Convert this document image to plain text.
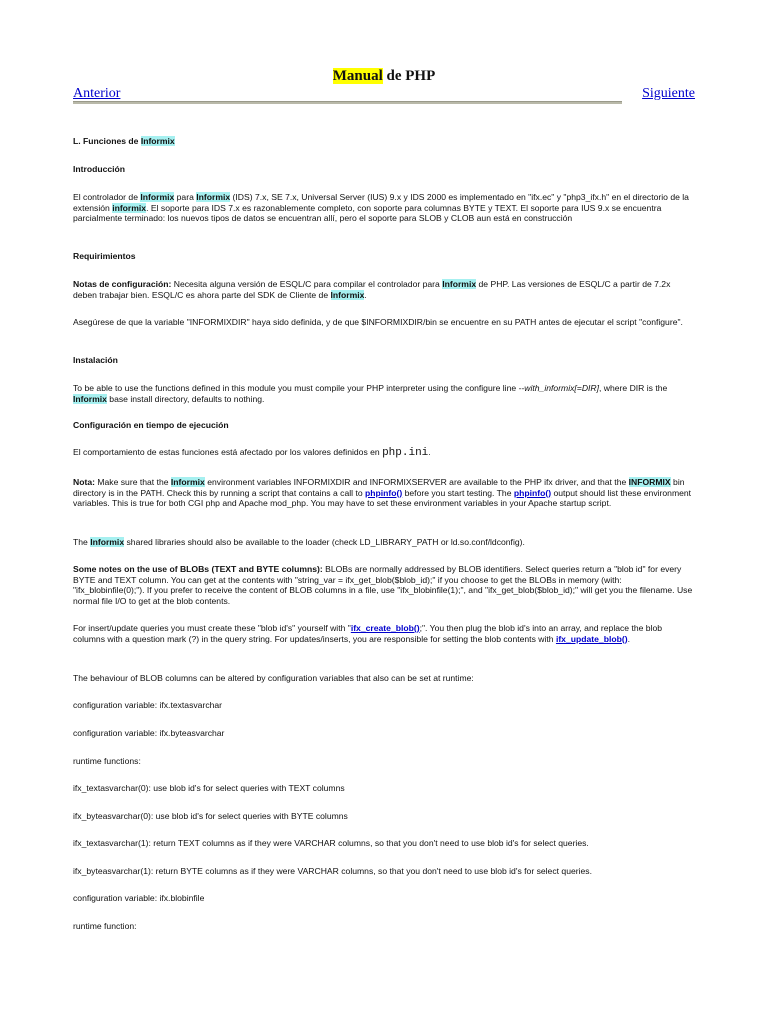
Manual de PHP
Anterior	Siguiente

L. Funciones de Informix

Introducción

El controlador de Informix para Informix (IDS) 7.x, SE 7.x, Universal Server (IUS) 9.x y IDS 2000 es implementado en "ifx.ec" y "php3_ifx.h" en el directorio de la extensión informix. El soporte para IDS 7.x es razonablemente completo, con soporte para columnas BYTE y TEXT. El soporte para IUS 9.x se encuentra parcialmente terminado: los nuevos tipos de datos se encuentran allí, pero el soporte para SLOB y CLOB aun está en construcción

Requirimientos

Notas de configuración: Necesita alguna versión de ESQL/C para compilar el controlador para Informix de PHP. Las versiones de ESQL/C a partir de 7.2x deben trabajar bien. ESQL/C es ahora parte del SDK de Cliente de Informix.

Asegúrese de que la variable "INFORMIXDIR" haya sido definida, y de que $INFORMIXDIR/bin se encuentre en su PATH antes de ejecutar el script "configure".

Instalación

To be able to use the functions defined in this module you must compile your PHP interpreter using the configure line --with_informix[=DIR], where DIR is the Informix base install directory, defaults to nothing.

Configuración en tiempo de ejecución

El comportamiento de estas funciones está afectado por los valores definidos en php.ini.

Nota: Make sure that the Informix environment variables INFORMIXDIR and INFORMIXSERVER are available to the PHP ifx driver, and that the INFORMIX bin directory is in the PATH. Check this by running a script that contains a call to phpinfo() before you start testing. The phpinfo() output should list these environment variables. This is true for both CGI php and Apache mod_php. You may have to set these environment variables in your Apache startup script.

The Informix shared libraries should also be available to the loader (check LD_LIBRARY_PATH or ld.so.conf/ldconfig).

Some notes on the use of BLOBs (TEXT and BYTE columns): BLOBs are normally addressed by BLOB identifiers. Select queries return a "blob id" for every BYTE and TEXT column. You can get at the contents with "string_var = ifx_get_blob($blob_id);" if you choose to get the BLOBs in memory (with: "ifx_blobinfile(0);"). If you prefer to receive the content of BLOB columns in a file, use "ifx_blobinfile(1);", and "ifx_get_blob($blob_id);" will get you the filename. Use normal file I/O to get at the blob contents.

For insert/update queries you must create these "blob id's" yourself with "ifx_create_blob();". You then plug the blob id's into an array, and replace the blob columns with a question mark (?) in the query string. For updates/inserts, you are responsible for setting the blob contents with ifx_update_blob().

The behaviour of BLOB columns can be altered by configuration variables that also can be set at runtime:

configuration variable: ifx.textasvarchar

configuration variable: ifx.byteasvarchar

runtime functions:

ifx_textasvarchar(0): use blob id's for select queries with TEXT columns

ifx_byteasvarchar(0): use blob id's for select queries with BYTE columns

ifx_textasvarchar(1): return TEXT columns as if they were VARCHAR columns, so that you don't need to use blob id's for select queries.

ifx_byteasvarchar(1): return BYTE columns as if they were VARCHAR columns, so that you don't need to use blob id's for select queries.

configuration variable: ifx.blobinfile

runtime function:
